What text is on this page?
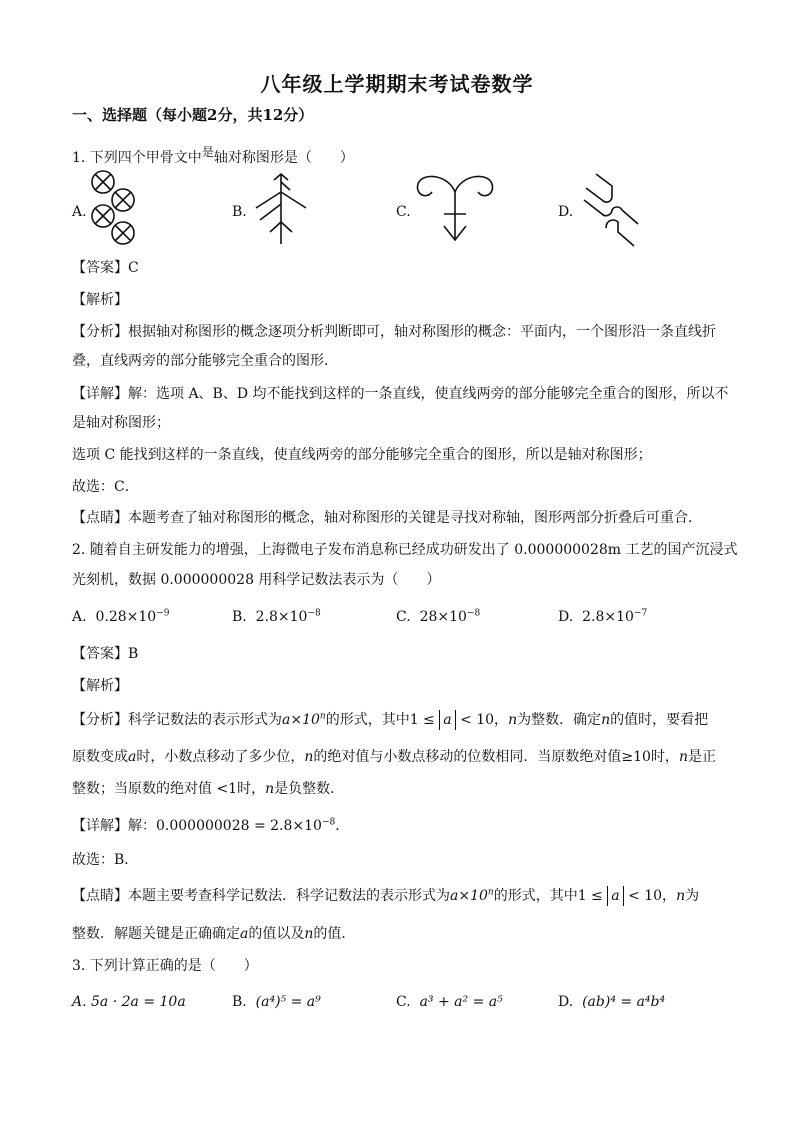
八年级上学期期末考试卷数学
一、选择题（每小题2分，共12分）
1. 下列四个甲骨文中是轴对称图形是（　　）
A.	B.	C.	D.
【答案】C
【解析】
【分析】根据轴对称图形的概念逐项分析判断即可，轴对称图形的概念：平面内，一个图形沿一条直线折
叠，直线两旁的部分能够完全重合的图形．
【详解】解：选项 A、B、D 均不能找到这样的一条直线，使直线两旁的部分能够完全重合的图形，所以不
是轴对称图形；
选项 C 能找到这样的一条直线，使直线两旁的部分能够完全重合的图形，所以是轴对称图形；
故选：C．
【点睛】本题考查了轴对称图形的概念，轴对称图形的关键是寻找对称轴，图形两部分折叠后可重合．
2. 随着自主研发能力的增强，上海微电子发布消息称已经成功研发出了 0.000000028m 工艺的国产沉浸式
光刻机，数据 0.000000028 用科学记数法表示为（　　）
A. $0.28\times 10^{-9}$	B. $2.8\times 10^{-8}$	C. $28\times 10^{-8}$	D. $2.8\times 10^{-7}$
【答案】B
【解析】
【分析】科学记数法的表示形式为$a\times 10^n$的形式，其中1 ≤ a < 10，n为整数．确定n的值时，要看把
原数变成a时，小数点移动了多少位，n的绝对值与小数点移动的位数相同．当原数绝对值≥10时，n是正
整数；当原数的绝对值 <1时，n是负整数．
【详解】解：$0.000000028 = 2.8\times 10^{-8}$．
故选：B．
【点睛】本题主要考查科学记数法．科学记数法的表示形式为$a\times 10^n$的形式，其中1 ≤ a < 10，n为
整数．解题关键是正确确定a的值以及n的值．
3. 下列计算正确的是（　　）
A. 5a · 2a = 10a	B. (a⁴)⁵ = a⁹	C. a³ + a² = a⁵	D. (ab)⁴ = a⁴b⁴
